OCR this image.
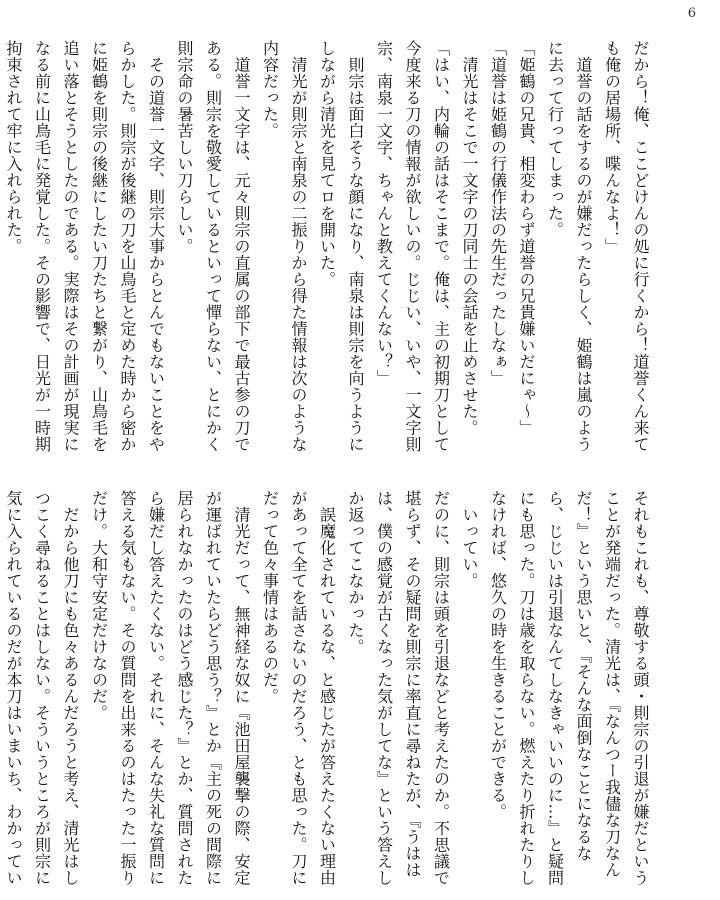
6

だから！俺、ここどけんの処に行くから！道誉くん来ても俺の居場所、喋んなよ！」

　道誉の話をするのが嫌だったらしく、姫鶴は嵐のように去って行ってしまった。

「姫鶴の兄貴、相変わらず道誉の兄貴嫌いだにゃ〜」

「道誉は姫鶴の行儀作法の先生だったしなぁ」

　清光はそこで一文字の刀同士の会話を止めさせた。

「はい、内輪の話はそこまで。俺は、主の初期刀として今度来る刀の情報が欲しいの。じじい、いや、一文字則宗、南泉一文字、ちゃんと教えてくんない？」

　則宗は面白そうな顔になり、南泉は則宗を向うようにしながら清光を見てロを開いた。

　清光が則宗と南泉の二振りから得た情報は次のような内容だった。

　道誉一文字は、元々則宗の直属の部下で最古参の刀である。則宗を敬愛しているといって憚らない、とにかく則宗命の暑苦しい刀らしい。

　その道誉一文字、則宗大事からとんでもないことをやらかした。則宗が後継の刀を山鳥毛と定めた時から密かに姫鶴を則宗の後継にしたい刀たちと繋がり、山鳥毛を追い落とそうとしたのである。実際はその計画が現実になる前に山鳥毛に発覚した。その影響で、日光が一時期拘束されて牢に入れられた。

それもこれも、尊敬する頭・則宗の引退が嫌だということが発端だった。清光は、『なんつー我儘な刀なんだ！』という思いと、『そんな面倒なことになるなら、じじいは引退なんてしなきゃいいのに…』と疑問にも思った。刀は歳を取らない。燃えたり折れたりしなければ、悠久の時を生きることができる。

　いってい。

だのに、則宗は頭を引退などと考えたのか。不思議で堪らず、その疑問を則宗に率直に尋ねたが、『うははは、僕の感覚が古くなった気がしてな』という答えしか返ってこなかった。

　誤魔化されているな、と感じたが答えたくない理由があって全てを話さないのだろう、とも思った。刀にだって色々事情はあるのだ。

　清光だって、無神経な奴に『池田屋襲撃の際、安定が運ばれていたらどう思う？』とか『主の死の間際に居られなかったのはどう感じた？』とか、質問されたら嫌だし答えたくない。それに、そんな失礼な質問に答える気もない。その質問を出来るのはたった一振りだけ。大和守安定だけなのだ。

　だから他刀にも色々あるんだろうと考え、清光はしつこく尋ねることはしない。そういうところが則宗に気に入られているのだが本刀はいまいち、わかってい
